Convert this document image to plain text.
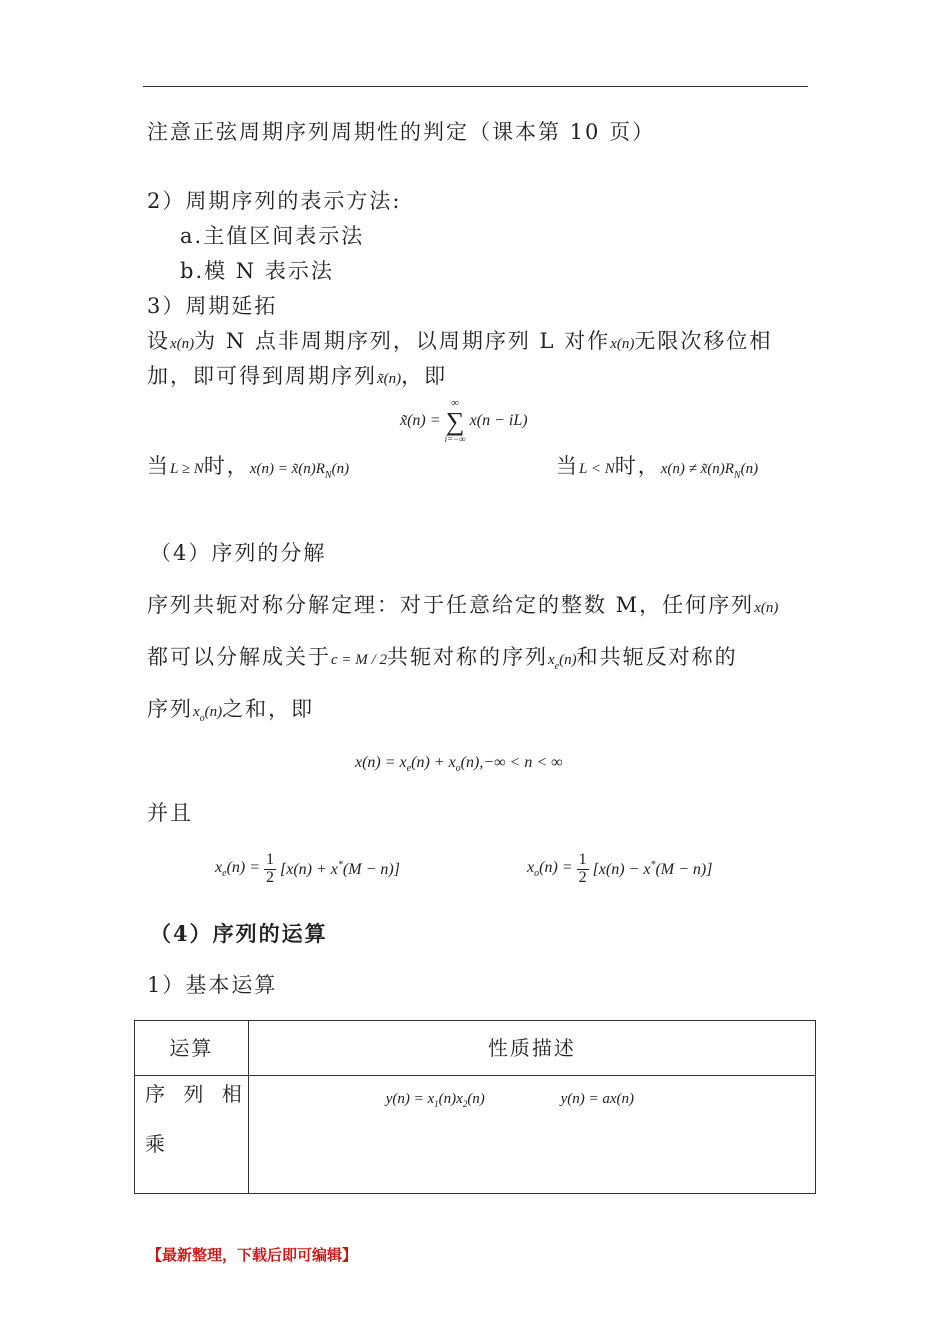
注意正弦周期序列周期性的判定（课本第 10 页）
2）周期序列的表示方法:
a.主值区间表示法
b.模 N 表示法
3）周期延拓
设x(n)为 N 点非周期序列，以周期序列 L 对作x(n)无限次移位相
加，即可得到周期序列x̃(n)，即
x̃(n) =
∞
∑
i=−∞
x(n − iL)
当L ≥ N时，$x(n) = x̃(n)R_N(n)$	当L < N时，$x(n) \ne x̃(n)R_N(n)$
（4）序列的分解
序列共轭对称分解定理：对于任意给定的整数 M，任何序列x(n)
都可以分解成关于c = M / 2共轭对称的序列$x_e(n)$和共轭反对称的
序列$x_o(n)$之和，即
$x(n) = x_e(n) + x_o(n),-\infty < n$ < ∞
并且
$x_e(n) = \frac{1}{2} [x(n) + x^*(M - n)]$	$x_o(n) = \frac{1}{2} [x(n) - x^*(M - n)]$
（4）序列的运算
1）基本运算
运算	性质描述

序 列 相
乘	$y(n) = x_1(n)x_2(n) y(n) = ax(n)$
【最新整理，下载后即可编辑】
